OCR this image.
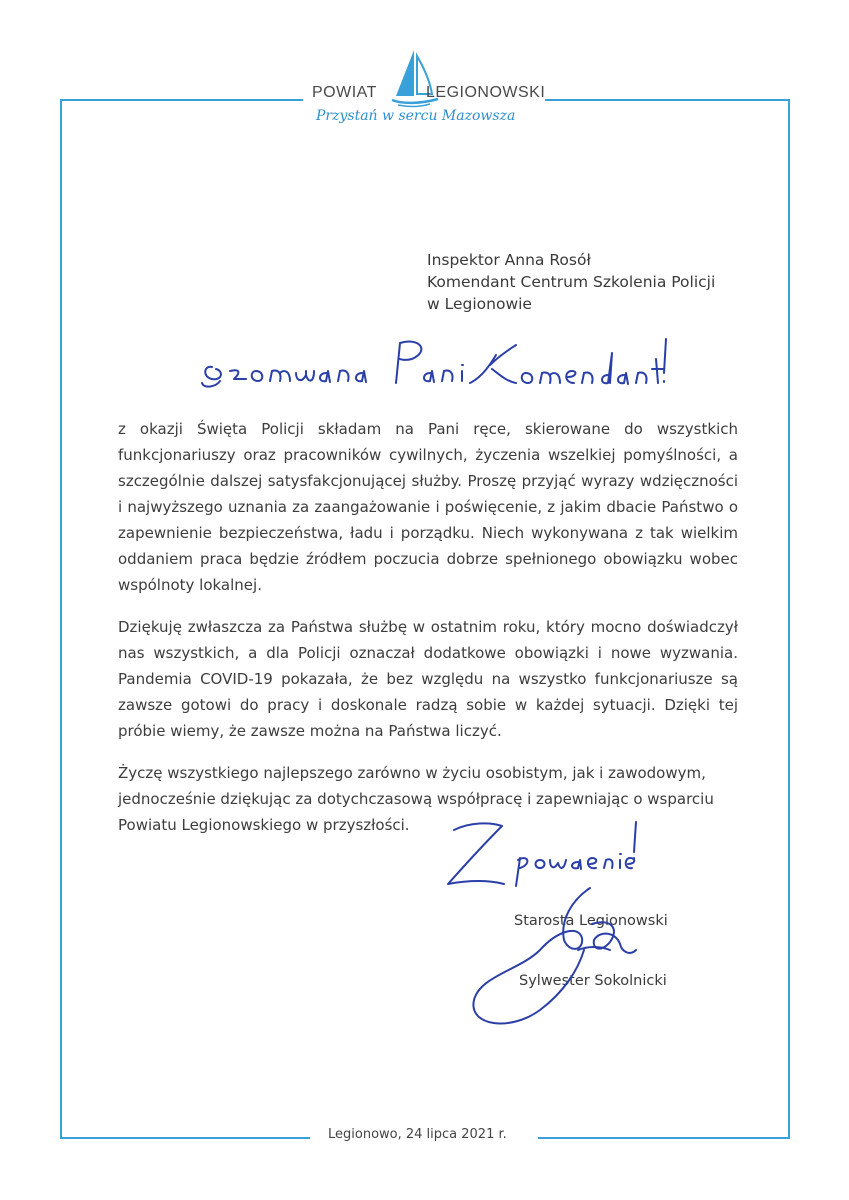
POWIAT	LEGIONOWSKI
Przystań w sercu Mazowsza
Inspektor Anna Rosół
Komendant Centrum Szkolenia Policji
w Legionowie

z okazji Święta Policji składam na Pani ręce, skierowane do wszystkich funkcjonariuszy oraz pracowników cywilnych, życzenia wszelkiej pomyślności, a szczególnie dalszej satysfakcjonującej służby. Proszę przyjąć wyrazy wdzięczności i najwyższego uznania za zaangażowanie i poświęcenie, z jakim dbacie Państwo o zapewnienie bezpieczeństwa, ładu i porządku. Niech wykonywana z tak wielkim oddaniem praca będzie źródłem poczucia dobrze spełnionego obowiązku wobec wspólnoty lokalnej.

Dziękuję zwłaszcza za Państwa służbę w ostatnim roku, który mocno doświadczył nas wszystkich, a dla Policji oznaczał dodatkowe obowiązki i nowe wyzwania. Pandemia COVID-19 pokazała, że bez względu na wszystko funkcjonariusze są zawsze gotowi do pracy i doskonale radzą sobie w każdej sytuacji. Dzięki tej próbie wiemy, że zawsze można na Państwa liczyć.

Życzę wszystkiego najlepszego zarówno w życiu osobistym, jak i zawodowym, jednocześnie dziękując za dotychczasową współpracę i zapewniając o wsparciu Powiatu Legionowskiego w przyszłości.

Starosta Legionowski
Sylwester Sokolnicki
Legionowo, 24 lipca 2021 r.
